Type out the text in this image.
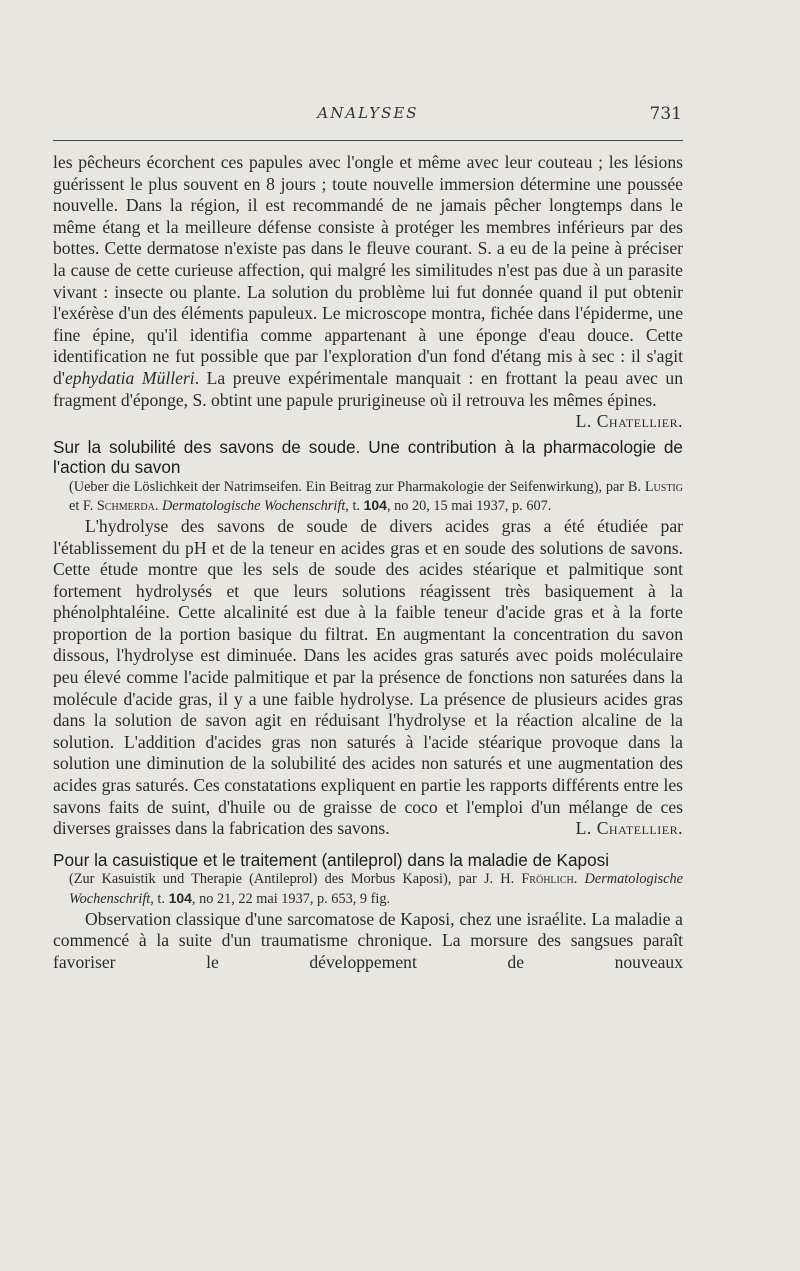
ANALYSES	731

les pêcheurs écorchent ces papules avec l'ongle et même avec leur couteau ; les lésions guérissent le plus souvent en 8 jours ; toute nouvelle immersion détermine une poussée nouvelle. Dans la région, il est recommandé de ne jamais pêcher longtemps dans le même étang et la meilleure défense consiste à protéger les membres inférieurs par des bottes. Cette dermatose n'existe pas dans le fleuve courant. S. a eu de la peine à préciser la cause de cette curieuse affection, qui malgré les similitudes n'est pas due à un parasite vivant : insecte ou plante. La solution du problème lui fut donnée quand il put obtenir l'exérèse d'un des éléments papuleux. Le microscope montra, fichée dans l'épiderme, une fine épine, qu'il identifia comme appartenant à une éponge d'eau douce. Cette identification ne fut possible que par l'exploration d'un fond d'étang mis à sec : il s'agit d'ephydatia Mülleri. La preuve expérimentale manquait : en frottant la peau avec un fragment d'éponge, S. obtint une papule prurigineuse où il retrouva les mêmes épines.

L. Chatellier.

Sur la solubilité des savons de soude. Une contribution à la pharmacologie de l'action du savon

(Ueber die Löslichkeit der Natrimseifen. Ein Beitrag zur Pharmakologie der Seifenwirkung), par B. Lustig et F. Schmerda. Dermatologische Wochenschrift, t. 104, no 20, 15 mai 1937, p. 607.

L'hydrolyse des savons de soude de divers acides gras a été étudiée par l'établissement du pH et de la teneur en acides gras et en soude des solutions de savons. Cette étude montre que les sels de soude des acides stéarique et palmitique sont fortement hydrolysés et que leurs solutions réagissent très basiquement à la phénolphtaléine. Cette alcalinité est due à la faible teneur d'acide gras et à la forte proportion de la portion basique du filtrat. En augmentant la concentration du savon dissous, l'hydrolyse est diminuée. Dans les acides gras saturés avec poids moléculaire peu élevé comme l'acide palmitique et par la présence de fonctions non saturées dans la molécule d'acide gras, il y a une faible hydrolyse. La présence de plusieurs acides gras dans la solution de savon agit en réduisant l'hydrolyse et la réaction alcaline de la solution. L'addition d'acides gras non saturés à l'acide stéarique provoque dans la solution une diminution de la solubilité des acides non saturés et une augmentation des acides gras saturés. Ces constatations expliquent en partie les rapports différents entre les savons faits de suint, d'huile ou de graisse de coco et l'emploi d'un mélange de ces diverses graisses dans la fabrication des savons.	L. Chatellier.

Pour la casuistique et le traitement (antileprol) dans la maladie de Kaposi

(Zur Kasuistik und Therapie (Antileprol) des Morbus Kaposi), par J. H. Fröhlich. Dermatologische Wochenschrift, t. 104, no 21, 22 mai 1937, p. 653, 9 fig.

Observation classique d'une sarcomatose de Kaposi, chez une israélite. La maladie a commencé à la suite d'un traumatisme chronique. La morsure des sangsues paraît favoriser le développement de nouveaux
